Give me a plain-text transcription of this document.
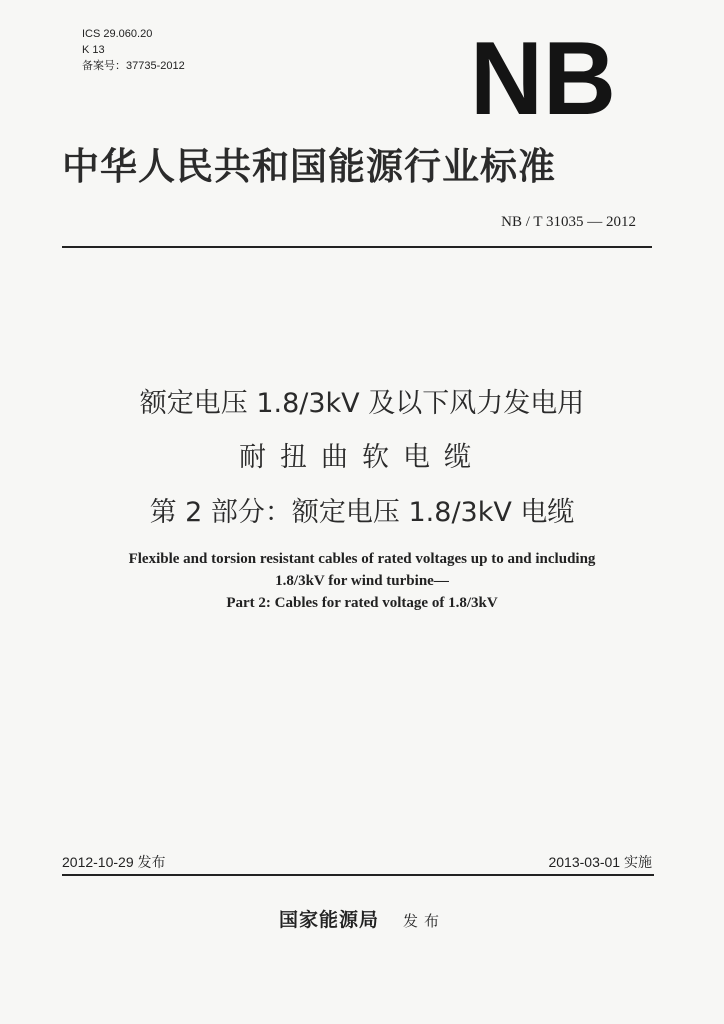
ICS 29.060.20
K 13
备案号：37735-2012	NB
中华人民共和国能源行业标准
NB / T 31035 — 2012
额定电压 1.8/3kV 及以下风力发电用
耐扭曲软电缆
第 2 部分：额定电压 1.8/3kV 电缆
Flexible and torsion resistant cables of rated voltages up to and including
1.8/3kV for wind turbine—
Part 2: Cables for rated voltage of 1.8/3kV
2012-10-29 发布	2013-03-01 实施
国家能源局 发布
